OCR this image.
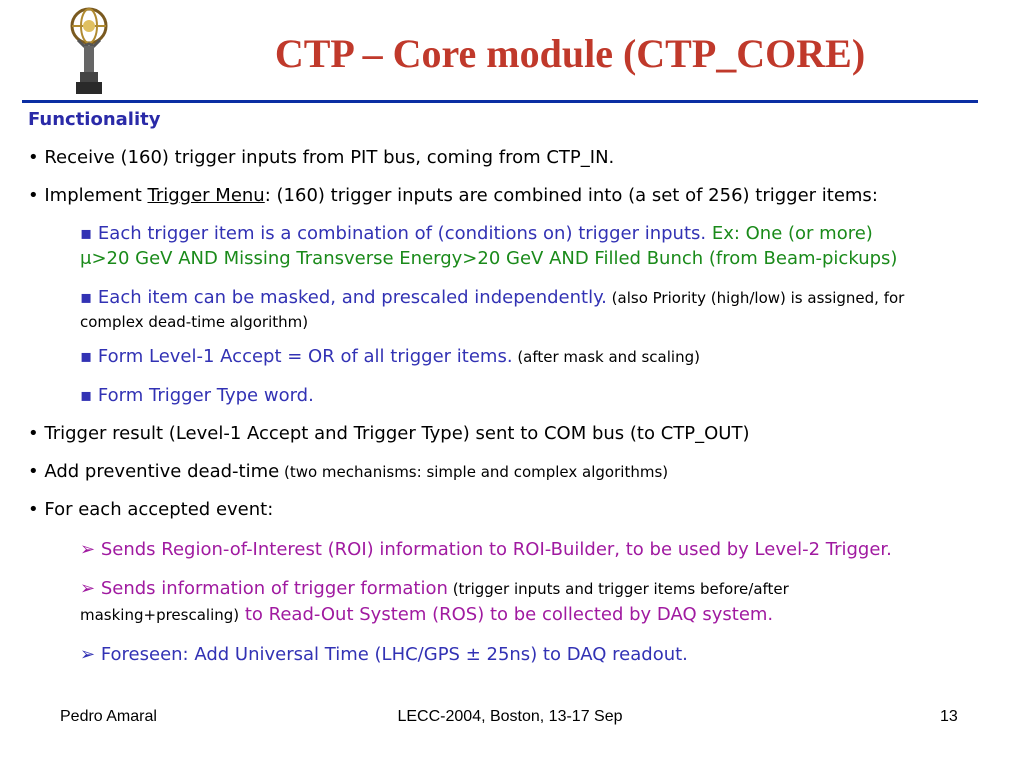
CTP – Core module (CTP_CORE)
Functionality
• Receive (160) trigger inputs from PIT bus, coming from CTP_IN.
• Implement Trigger Menu: (160) trigger inputs are combined into (a set of 256) trigger items:
▪ Each trigger item is a combination of (conditions on) trigger inputs. Ex: One (or more)
μ>20 GeV AND Missing Transverse Energy>20 GeV AND Filled Bunch (from Beam-pickups)
▪ Each item can be masked, and prescaled independently. (also Priority (high/low) is assigned, for
complex dead-time algorithm)
▪ Form Level-1 Accept = OR of all trigger items. (after mask and scaling)
▪ Form Trigger Type word.
• Trigger result (Level-1 Accept and Trigger Type) sent to COM bus (to CTP_OUT)
• Add preventive dead-time (two mechanisms: simple and complex algorithms)
• For each accepted event:
➢ Sends Region-of-Interest (ROI) information to ROI-Builder, to be used by Level-2 Trigger.
➢ Sends information of trigger formation (trigger inputs and trigger items before/after
masking+prescaling) to Read-Out System (ROS) to be collected by DAQ system.
➢ Foreseen: Add Universal Time (LHC/GPS ± 25ns) to DAQ readout.
Pedro Amaral	LECC-2004, Boston, 13-17 Sep	13
